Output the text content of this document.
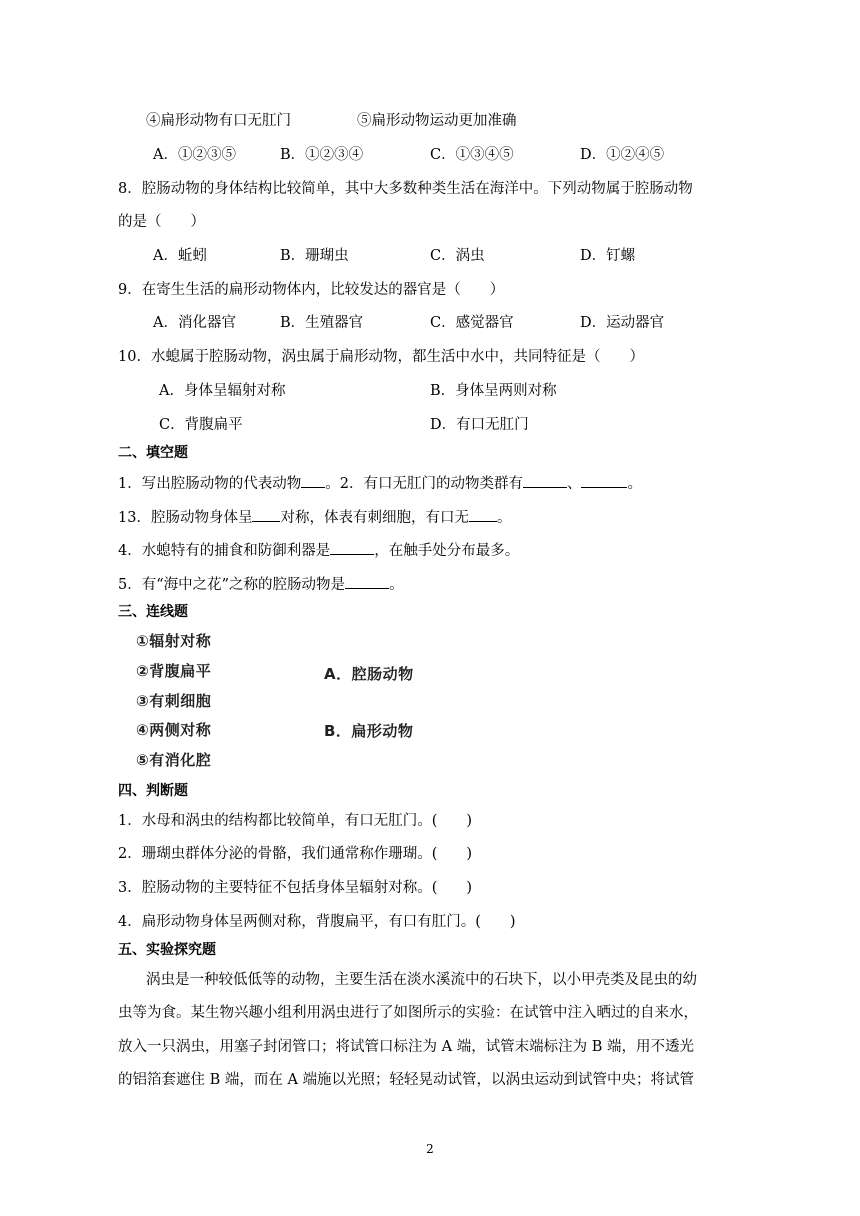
④扁形动物有口无肛门	⑤扁形动物运动更加准确
A．①②③⑤	B．①②③④	C．①③④⑤	D．①②④⑤
8．腔肠动物的身体结构比较简单，其中大多数种类生活在海洋中。下列动物属于腔肠动物
的是（　　）
A．蚯蚓	B．珊瑚虫	C．涡虫	D．钉螺
9．在寄生生活的扁形动物体内，比较发达的器官是（　　）
A．消化器官	B．生殖器官	C．感觉器官	D．运动器官
10．水螅属于腔肠动物，涡虫属于扁形动物，都生活中水中，共同特征是（　　）
A．身体呈辐射对称	B．身体呈两则对称
C．背腹扁平	D．有口无肛门
二、填空题
1．写出腔肠动物的代表动物 。2．有口无肛门的动物类群有	、	。
13．腔肠动物身体呈 对称，体表有刺细胞，有口无 。
4．水螅特有的捕食和防御利器是	，在触手处分布最多。
5．有“海中之花”之称的腔肠动物是	。
三、连线题
①辐射对称
②背腹扁平
③有刺细胞
④两侧对称
⑤有消化腔
A．腔肠动物
B．扁形动物
四、判断题
1．水母和涡虫的结构都比较简单，有口无肛门。(　　)
2．珊瑚虫群体分泌的骨骼，我们通常称作珊瑚。(　　)
3．腔肠动物的主要特征不包括身体呈辐射对称。(　　)
4．扁形动物身体呈两侧对称，背腹扁平，有口有肛门。(　　)
五、实验探究题
涡虫是一种较低低等的动物，主要生活在淡水溪流中的石块下，以小甲壳类及昆虫的幼
虫等为食。某生物兴趣小组利用涡虫进行了如图所示的实验：在试管中注入晒过的自来水，
放入一只涡虫，用塞子封闭管口；将试管口标注为 A 端，试管末端标注为 B 端，用不透光
的铝箔套遮住 B 端，而在 A 端施以光照；轻轻晃动试管，以涡虫运动到试管中央；将试管
2
